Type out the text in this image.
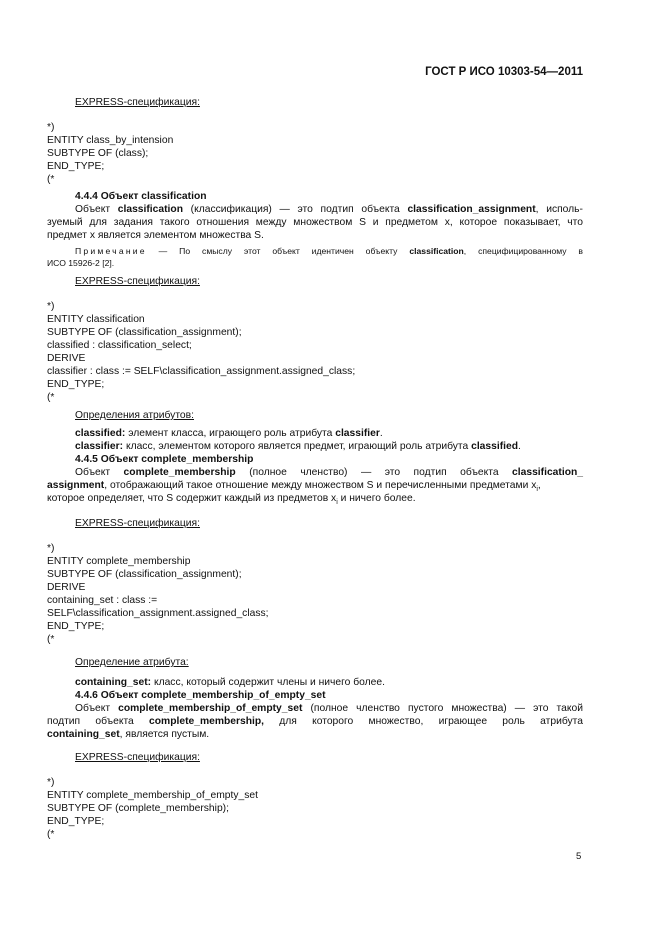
ГОСТ Р ИСО 10303-54—2011
EXPRESS-спецификация:
*)
ENTITY class_by_intension
SUBTYPE OF (class);
END_TYPE;
(*
4.4.4 Объект classification
Объект classification (классификация) — это подтип объекта classification_assignment, исполь-
зуемый для задания такого отношения между множеством S и предметом x, которое показывает, что
предмет x является элементом множества S.
Примечание — По смыслу этот объект идентичен объекту classification, специфицированному в
ИСО 15926-2 [2].
EXPRESS-спецификация:
*)
ENTITY classification
SUBTYPE OF (classification_assignment);
classified : classification_select;
DERIVE
classifier : class := SELF\classification_assignment.assigned_class;
END_TYPE;
(*
Определения атрибутов:
classified: элемент класса, играющего роль атрибута classifier.
classifier: класс, элементом которого является предмет, играющий роль атрибута classified.
4.4.5 Объект complete_membership
Объект complete_membership (полное членство) — это подтип объекта classification_
assignment, отображающий такое отношение между множеством S и перечисленными предметами $x_i$,
которое определяет, что S содержит каждый из предметов $x_i$ и ничего более.
EXPRESS-спецификация:
*)
ENTITY complete_membership
SUBTYPE OF (classification_assignment);
DERIVE
containing_set : class :=
SELF\classification_assignment.assigned_class;
END_TYPE;
(*
Определение атрибута:
containing_set: класс, который содержит члены и ничего более.
4.4.6 Объект complete_membership_of_empty_set
Объект complete_membership_of_empty_set (полное членство пустого множества) — это такой
подтип объекта complete_membership, для которого множество, играющее роль атрибута
containing_set, является пустым.
EXPRESS-спецификация:
*)
ENTITY complete_membership_of_empty_set
SUBTYPE OF (complete_membership);
END_TYPE;
(*
5
